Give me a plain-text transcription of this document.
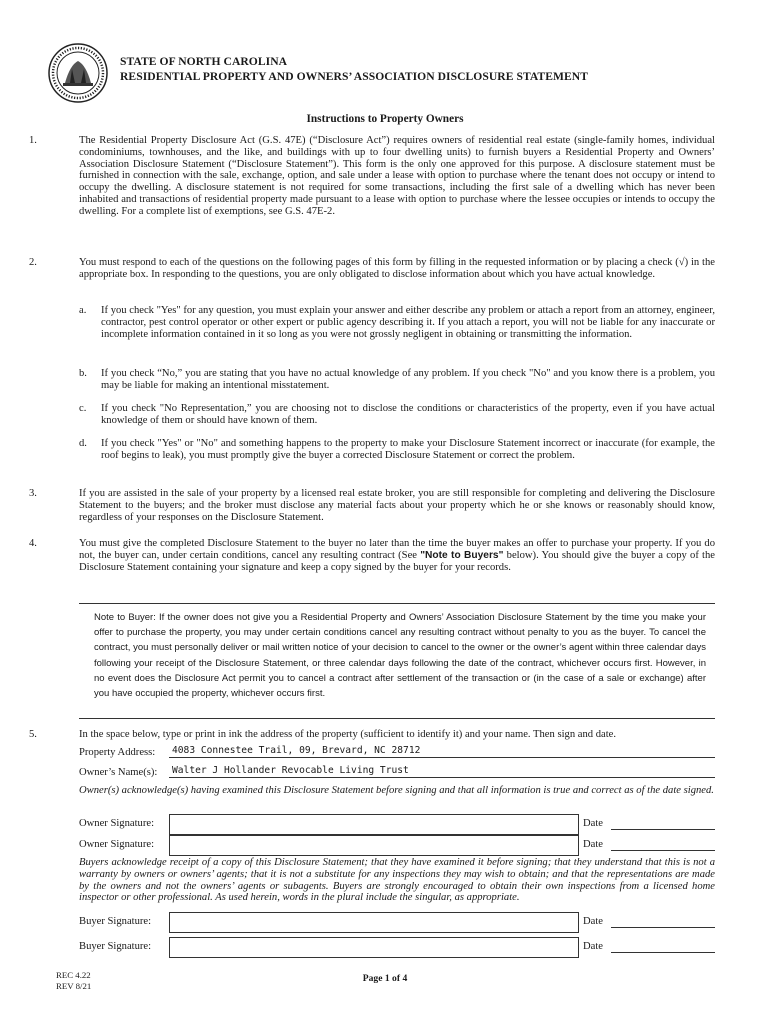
STATE OF NORTH CAROLINA
RESIDENTIAL PROPERTY AND OWNERS’ ASSOCIATION DISCLOSURE STATEMENT
Instructions to Property Owners
1.	The Residential Property Disclosure Act (G.S. 47E) (“Disclosure Act”) requires owners of residential real estate (single-family homes, individual condominiums, townhouses, and the like, and buildings with up to four dwelling units) to furnish buyers a Residential Property and Owners’ Association Disclosure Statement (“Disclosure Statement”). This form is the only one approved for this purpose. A disclosure statement must be furnished in connection with the sale, exchange, option, and sale under a lease with option to purchase where the tenant does not occupy or intend to occupy the dwelling. A disclosure statement is not required for some transactions, including the first sale of a dwelling which has never been inhabited and transactions of residential property made pursuant to a lease with option to purchase where the lessee occupies or intends to occupy the dwelling. For a complete list of exemptions, see G.S. 47E-2.
2.	You must respond to each of the questions on the following pages of this form by filling in the requested information or by placing a check (√) in the appropriate box. In responding to the questions, you are only obligated to disclose information about which you have actual knowledge.
a. If you check "Yes" for any question, you must explain your answer and either describe any problem or attach a report from an attorney, engineer, contractor, pest control operator or other expert or public agency describing it. If you attach a report, you will not be liable for any inaccurate or incomplete information contained in it so long as you were not grossly negligent in obtaining or transmitting the information.
b. If you check “No,” you are stating that you have no actual knowledge of any problem. If you check "No" and you know there is a problem, you may be liable for making an intentional misstatement.
c. If you check "No Representation,” you are choosing not to disclose the conditions or characteristics of the property, even if you have actual knowledge of them or should have known of them.
d. If you check "Yes" or "No" and something happens to the property to make your Disclosure Statement incorrect or inaccurate (for example, the roof begins to leak), you must promptly give the buyer a corrected Disclosure Statement or correct the problem.
3.	If you are assisted in the sale of your property by a licensed real estate broker, you are still responsible for completing and delivering the Disclosure Statement to the buyers; and the broker must disclose any material facts about your property which he or she knows or reasonably should know, regardless of your responses on the Disclosure Statement.
4.	You must give the completed Disclosure Statement to the buyer no later than the time the buyer makes an offer to purchase your property. If you do not, the buyer can, under certain conditions, cancel any resulting contract (See "Note to Buyers" below). You should give the buyer a copy of the Disclosure Statement containing your signature and keep a copy signed by the buyer for your records.

Note to Buyer: If the owner does not give you a Residential Property and Owners’ Association Disclosure Statement by the time you make your offer to purchase the property, you may under certain conditions cancel any resulting contract without penalty to you as the buyer. To cancel the contract, you must personally deliver or mail written notice of your decision to cancel to the owner or the owner’s agent within three calendar days following your receipt of the Disclosure Statement, or three calendar days following the date of the contract, whichever occurs first. However, in no event does the Disclosure Act permit you to cancel a contract after settlement of the transaction or (in the case of a sale or exchange) after you have occupied the property, whichever occurs first.

5.	In the space below, type or print in ink the address of the property (sufficient to identify it) and your name. Then sign and date.
Property Address: 4083 Connestee Trail, 09, Brevard, NC 28712
Owner’s Name(s): Walter J Hollander Revocable Living Trust
Owner(s) acknowledge(s) having examined this Disclosure Statement before signing and that all information is true and correct as of the date signed.
Owner Signature:	Date
Owner Signature:	Date
Buyers acknowledge receipt of a copy of this Disclosure Statement; that they have examined it before signing; that they understand that this is not a warranty by owners or owners’ agents; that it is not a substitute for any inspections they may wish to obtain; and that the representations are made by the owners and not the owners’ agents or subagents. Buyers are strongly encouraged to obtain their own inspections from a licensed home inspector or other professional. As used herein, words in the plural include the singular, as appropriate.
Buyer Signature:	Date
Buyer Signature:	Date
REC 4.22
REV 8/21
Page 1 of 4
